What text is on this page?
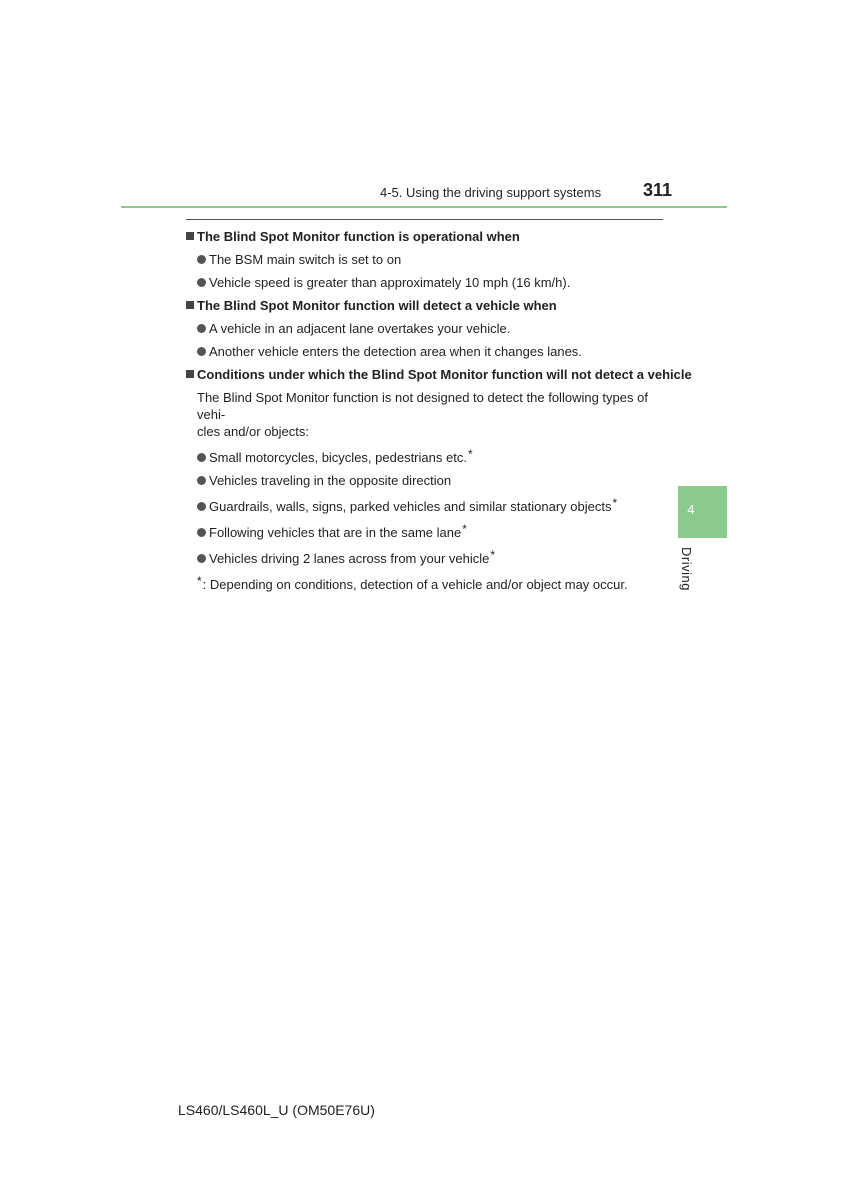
4-5. Using the driving support systems 311
The Blind Spot Monitor function is operational when
The BSM main switch is set to on
Vehicle speed is greater than approximately 10 mph (16 km/h).
The Blind Spot Monitor function will detect a vehicle when
A vehicle in an adjacent lane overtakes your vehicle.
Another vehicle enters the detection area when it changes lanes.
Conditions under which the Blind Spot Monitor function will not detect a vehicle
The Blind Spot Monitor function is not designed to detect the following types of vehi-
cles and/or objects:
Small motorcycles, bicycles, pedestrians etc.*
Vehicles traveling in the opposite direction
Guardrails, walls, signs, parked vehicles and similar stationary objects*
Following vehicles that are in the same lane*
Vehicles driving 2 lanes across from your vehicle*
*: Depending on conditions, detection of a vehicle and/or object may occur.
4
Driving
LS460/LS460L_U (OM50E76U)
